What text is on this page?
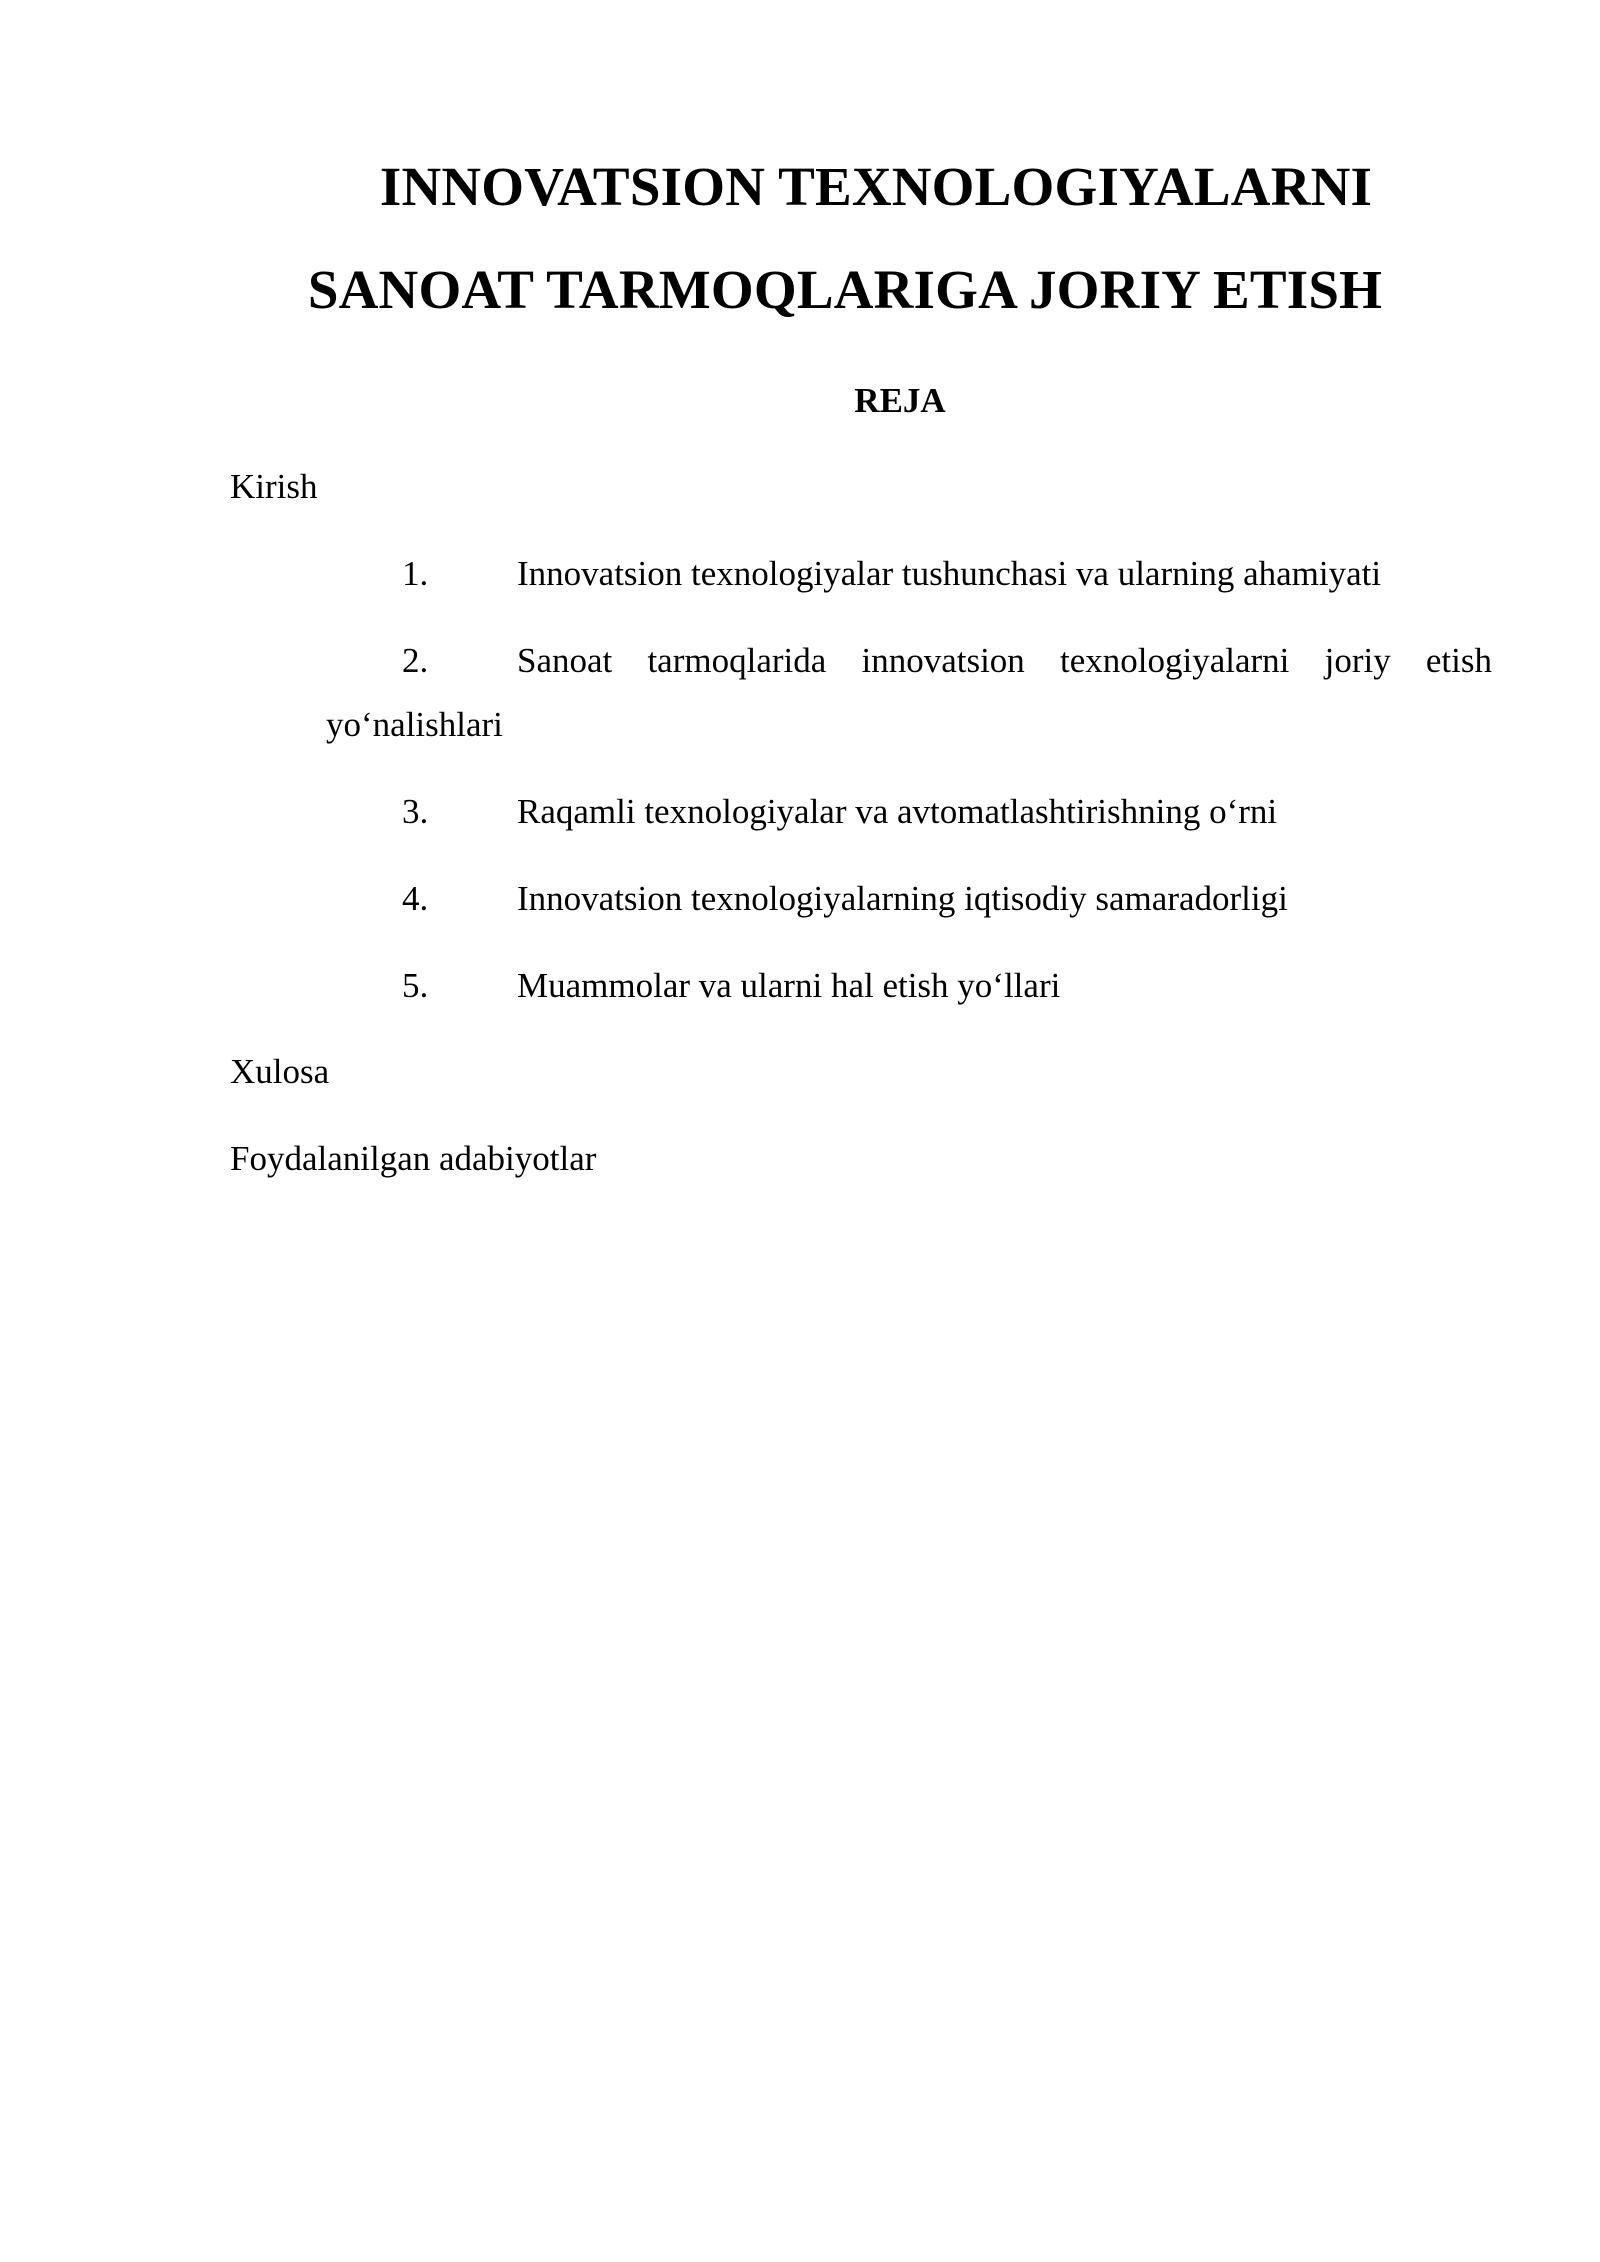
INNOVATSION TEXNOLOGIYALARNI
SANOAT TARMOQLARIGA JORIY ETISH
REJA

Kirish

1.	Innovatsion texnologiyalar tushunchasi va ularning ahamiyati
2.	Sanoat tarmoqlarida innovatsion texnologiyalarni joriy etish
yo‘nalishlari
3.	Raqamli texnologiyalar va avtomatlashtirishning o‘rni
4.	Innovatsion texnologiyalarning iqtisodiy samaradorligi
5.	Muammolar va ularni hal etish yo‘llari

Xulosa

Foydalanilgan adabiyotlar
